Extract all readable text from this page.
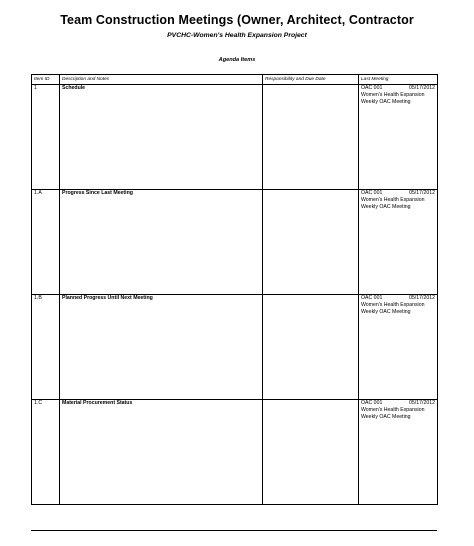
Team Construction Meetings (Owner, Architect, Contractor
PVCHC-Women's Health Expansion Project
Agenda Items
Item ID	Description and Notes	Responsibility and Due Date	Last Meeting
1	Schedule		OAC 001 05/17/2012
Women's Health Expansion
Weekly OAC Meeting

1.A	Progress Since Last Meeting		OAC 001 05/17/2012
Women's Health Expansion
Weekly OAC Meeting

1.B	Planned Progress Until Next Meeting		OAC 001 05/17/2012
Women's Health Expansion
Weekly OAC Meeting

1.C	Material Procurement Status		OAC 001 05/17/2012
Women's Health Expansion
Weekly OAC Meeting
